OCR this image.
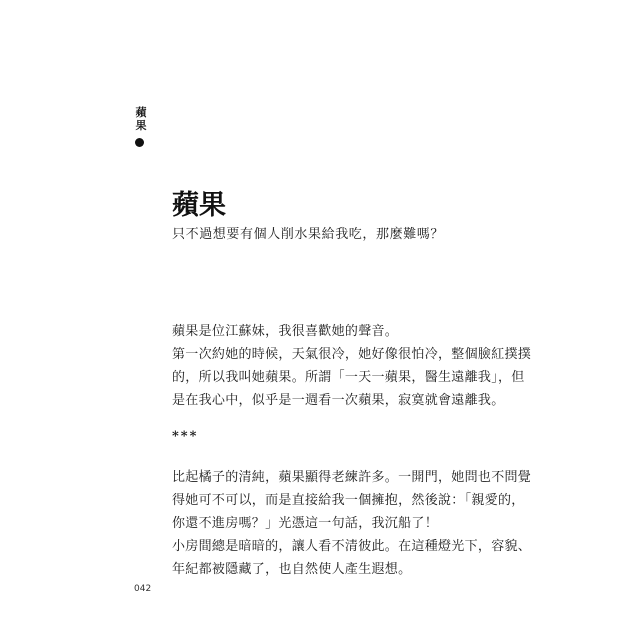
蘋
果
蘋果

只不過想要有個人削水果給我吃，那麼難嗎？

蘋果是位江蘇妹，我很喜歡她的聲音。
第一次約她的時候，天氣很冷，她好像很怕冷，整個臉紅撲撲
的，所以我叫她蘋果。所謂「一天一蘋果，醫生遠離我」，但
是在我心中，似乎是一週看一次蘋果，寂寞就會遠離我。

***

比起橘子的清純，蘋果顯得老練許多。一開門，她問也不問覺
得她可不可以，而是直接給我一個擁抱，然後說：「親愛的，
你還不進房嗎？」光憑這一句話，我沉船了！
小房間總是暗暗的，讓人看不清彼此。在這種燈光下，容貌、
年紀都被隱藏了，也自然使人產生遐想。

042
